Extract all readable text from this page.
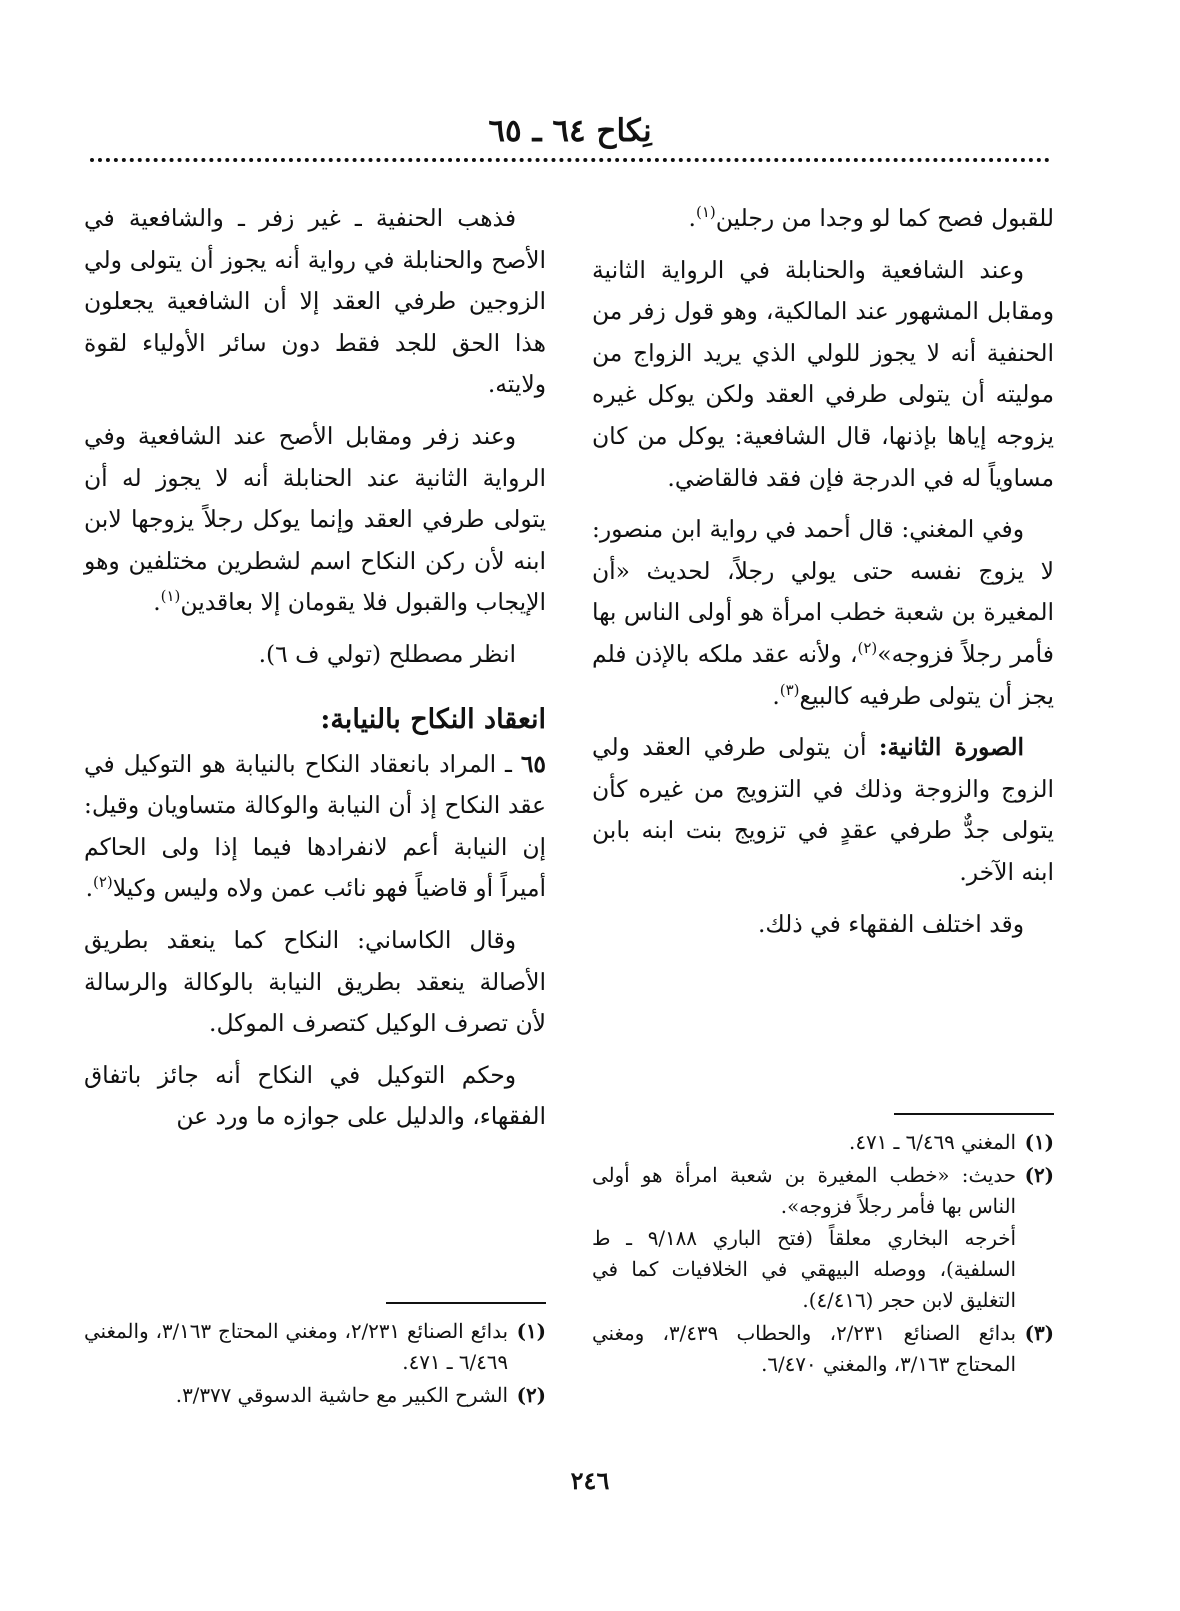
نِكاح ٦٤ ـ ٦٥

للقبول فصح كما لو وجدا من رجلين$^{(١)}$.

وعند الشافعية والحنابلة في الرواية الثانية ومقابل المشهور عند المالكية، وهو قول زفر من الحنفية أنه لا يجوز للولي الذي يريد الزواج من موليته أن يتولى طرفي العقد ولكن يوكل غيره يزوجه إياها بإذنها، قال الشافعية: يوكل من كان مساوياً له في الدرجة فإن فقد فالقاضي.

وفي المغني: قال أحمد في رواية ابن منصور: لا يزوج نفسه حتى يولي رجلاً، لحديث «أن المغيرة بن شعبة خطب امرأة هو أولى الناس بها فأمر رجلاً فزوجه»$^{(٢)}$، ولأنه عقد ملكه بالإذن فلم يجز أن يتولى طرفيه كالبيع$^{(٣)}$.

الصورة الثانية: أن يتولى طرفي العقد ولي الزوج والزوجة وذلك في التزويج من غيره كأن يتولى جدٌّ طرفي عقدٍ في تزويج بنت ابنه بابن ابنه الآخر.

وقد اختلف الفقهاء في ذلك.

(١)
المغني ٦/٤٦٩ ـ ٤٧١.
(٢)
حديث: «خطب المغيرة بن شعبة امرأة هو أولى الناس بها فأمر رجلاً فزوجه».
أخرجه البخاري معلقاً (فتح الباري ٩/١٨٨ ـ ط السلفية)، ووصله البيهقي في الخلافيات كما في التغليق لابن حجر (٤/٤١٦).
(٣)
بدائع الصنائع ٢/٢٣١، والحطاب ٣/٤٣٩، ومغني المحتاج ٣/١٦٣، والمغني ٦/٤٧٠.

فذهب الحنفية ـ غير زفر ـ والشافعية في الأصح والحنابلة في رواية أنه يجوز أن يتولى ولي الزوجين طرفي العقد إلا أن الشافعية يجعلون هذا الحق للجد فقط دون سائر الأولياء لقوة ولايته.

وعند زفر ومقابل الأصح عند الشافعية وفي الرواية الثانية عند الحنابلة أنه لا يجوز له أن يتولى طرفي العقد وإنما يوكل رجلاً يزوجها لابن ابنه لأن ركن النكاح اسم لشطرين مختلفين وهو الإيجاب والقبول فلا يقومان إلا بعاقدين$^{(١)}$.

انظر مصطلح (تولي ف ٦).

انعقاد النكاح بالنيابة:

٦٥ ـ المراد بانعقاد النكاح بالنيابة هو التوكيل في عقد النكاح إذ أن النيابة والوكالة متساويان وقيل: إن النيابة أعم لانفرادها فيما إذا ولى الحاكم أميراً أو قاضياً فهو نائب عمن ولاه وليس وكيلا$^{(٢)}$.

وقال الكاساني: النكاح كما ينعقد بطريق الأصالة ينعقد بطريق النيابة بالوكالة والرسالة لأن تصرف الوكيل كتصرف الموكل.

وحكم التوكيل في النكاح أنه جائز باتفاق الفقهاء، والدليل على جوازه ما ورد عن

(١)
بدائع الصنائع ٢/٢٣١، ومغني المحتاج ٣/١٦٣، والمغني ٦/٤٦٩ ـ ٤٧١.
(٢)
الشرح الكبير مع حاشية الدسوقي ٣/٣٧٧.
٢٤٦
